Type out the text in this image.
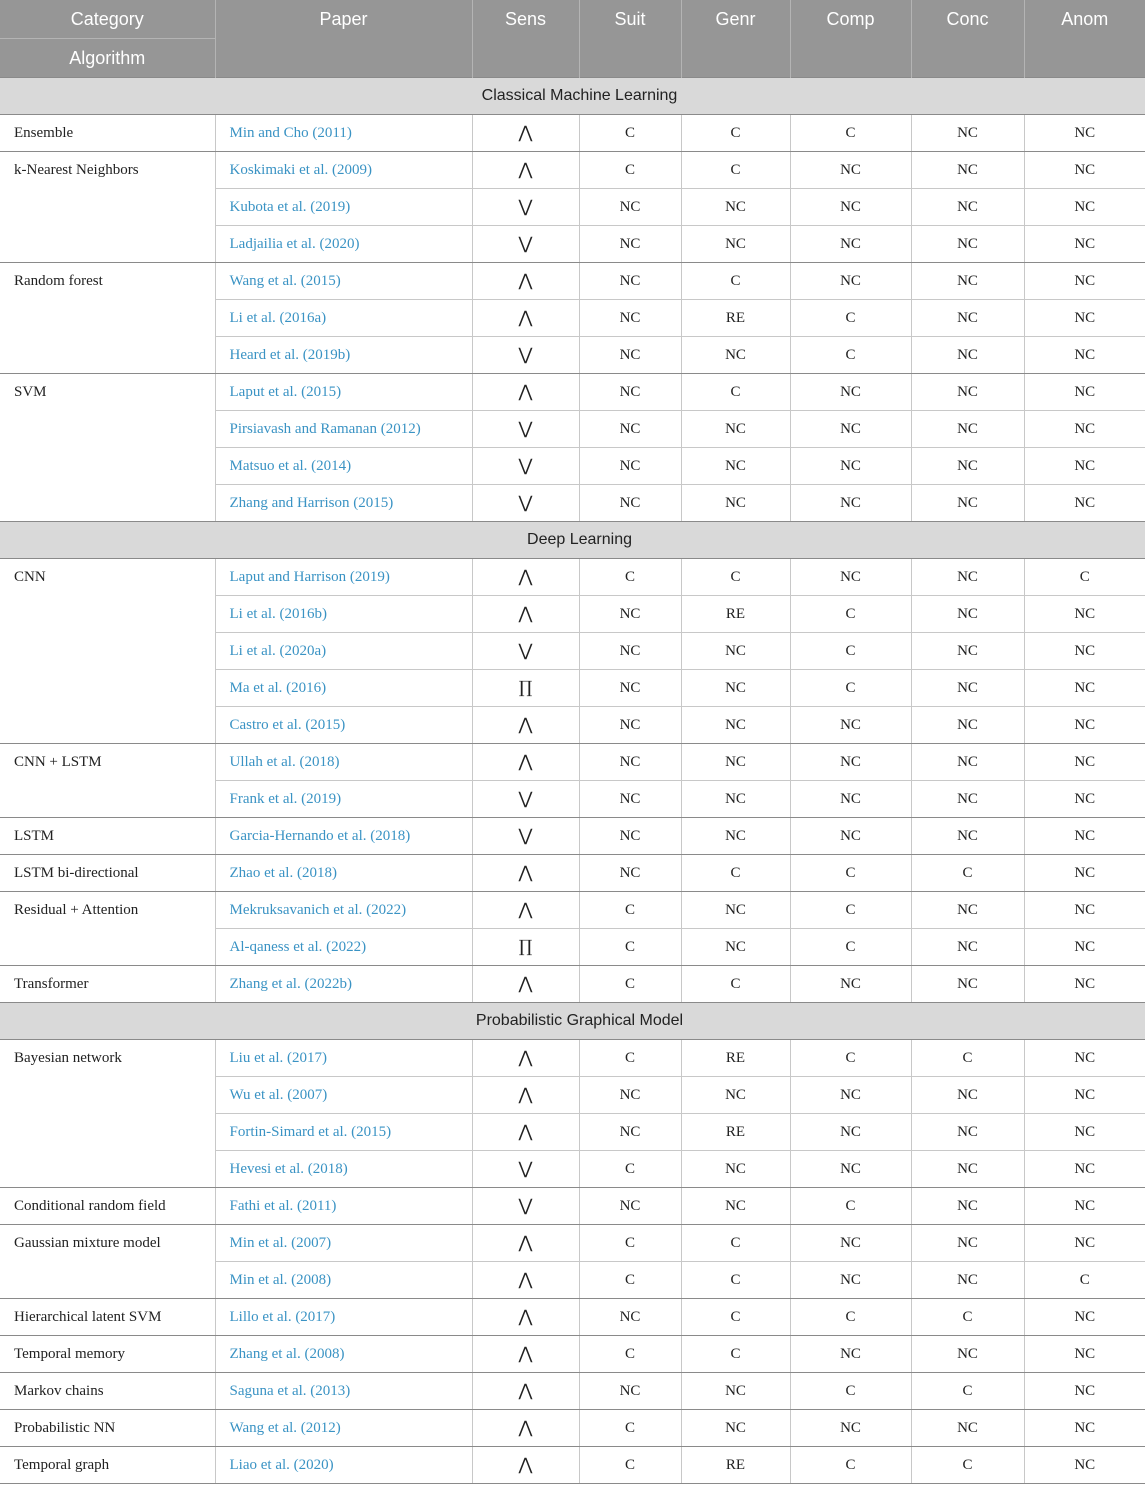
Category
Algorithm	Paper	Sens	Suit	Genr	Comp	Conc	Anom

Classical Machine Learning							
Ensemble	Min and Cho (2011)	⋀	C	C	C	NC	NC
k-Nearest Neighbors	Koskimaki et al. (2009)	⋀	C	C	NC	NC	NC
	Kubota et al. (2019)	⋁	NC	NC	NC	NC	NC
	Ladjailia et al. (2020)	⋁	NC	NC	NC	NC	NC
Random forest	Wang et al. (2015)	⋀	NC	C	NC	NC	NC
	Li et al. (2016a)	⋀	NC	RE	C	NC	NC
	Heard et al. (2019b)	⋁	NC	NC	C	NC	NC
SVM	Laput et al. (2015)	⋀	NC	C	NC	NC	NC
	Pirsiavash and Ramanan (2012)	⋁	NC	NC	NC	NC	NC
	Matsuo et al. (2014)	⋁	NC	NC	NC	NC	NC
	Zhang and Harrison (2015)	⋁	NC	NC	NC	NC	NC
Deep Learning							
CNN	Laput and Harrison (2019)	⋀	C	C	NC	NC	C
	Li et al. (2016b)	⋀	NC	RE	C	NC	NC
	Li et al. (2020a)	⋁	NC	NC	C	NC	NC
	Ma et al. (2016)	∏	NC	NC	C	NC	NC
	Castro et al. (2015)	⋀	NC	NC	NC	NC	NC
CNN + LSTM	Ullah et al. (2018)	⋀	NC	NC	NC	NC	NC
	Frank et al. (2019)	⋁	NC	NC	NC	NC	NC
LSTM	Garcia-Hernando et al. (2018)	⋁	NC	NC	NC	NC	NC
LSTM bi-directional	Zhao et al. (2018)	⋀	NC	C	C	C	NC
Residual + Attention	Mekruksavanich et al. (2022)	⋀	C	NC	C	NC	NC
	Al-qaness et al. (2022)	∏	C	NC	C	NC	NC
Transformer	Zhang et al. (2022b)	⋀	C	C	NC	NC	NC
Probabilistic Graphical Model							
Bayesian network	Liu et al. (2017)	⋀	C	RE	C	C	NC
	Wu et al. (2007)	⋀	NC	NC	NC	NC	NC
	Fortin-Simard et al. (2015)	⋀	NC	RE	NC	NC	NC
	Hevesi et al. (2018)	⋁	C	NC	NC	NC	NC
Conditional random field	Fathi et al. (2011)	⋁	NC	NC	C	NC	NC
Gaussian mixture model	Min et al. (2007)	⋀	C	C	NC	NC	NC
	Min et al. (2008)	⋀	C	C	NC	NC	C
Hierarchical latent SVM	Lillo et al. (2017)	⋀	NC	C	C	C	NC
Temporal memory	Zhang et al. (2008)	⋀	C	C	NC	NC	NC
Markov chains	Saguna et al. (2013)	⋀	NC	NC	C	C	NC
Probabilistic NN	Wang et al. (2012)	⋀	C	NC	NC	NC	NC
Temporal graph	Liao et al. (2020)	⋀	C	RE	C	C	NC
